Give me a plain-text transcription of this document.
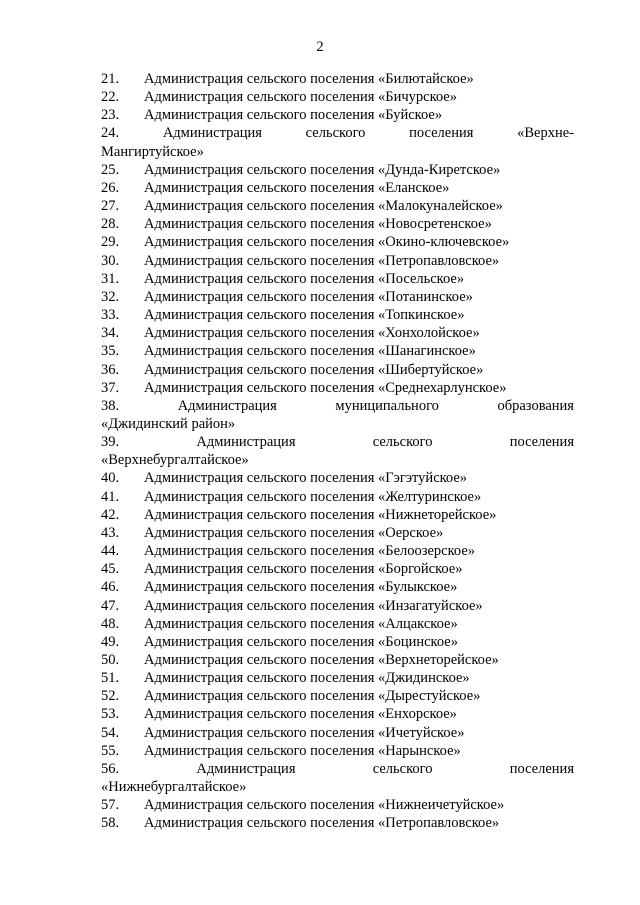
2
21. Администрация сельского поселения «Билютайское»
22. Администрация сельского поселения «Бичурское»
23. Администрация сельского поселения «Буйское»
24.	Администрация	сельского	поселения	«Верхне-
Мангиртуйское»
25. Администрация сельского поселения «Дунда-Киретское»
26. Администрация сельского поселения «Еланское»
27. Администрация сельского поселения «Малокуналейское»
28. Администрация сельского поселения «Новосретенское»
29. Администрация сельского поселения «Окино-ключевское»
30. Администрация сельского поселения «Петропавловское»
31. Администрация сельского поселения «Посельское»
32. Администрация сельского поселения «Потанинское»
33. Администрация сельского поселения «Топкинское»
34. Администрация сельского поселения «Хонхолойское»
35. Администрация сельского поселения «Шанагинское»
36. Администрация сельского поселения «Шибертуйское»
37. Администрация сельского поселения «Среднехарлунское»
38.	Администрация	муниципального	образования
«Джидинский район»
39.	Администрация	сельского	поселения
«Верхнебургалтайское»
40. Администрация сельского поселения «Гэгэтуйское»
41. Администрация сельского поселения «Желтуринское»
42. Администрация сельского поселения «Нижнеторейское»
43. Администрация сельского поселения «Оерское»
44. Администрация сельского поселения «Белоозерское»
45. Администрация сельского поселения «Боргойское»
46. Администрация сельского поселения «Булыкское»
47. Администрация сельского поселения «Инзагатуйское»
48. Администрация сельского поселения «Алцакское»
49. Администрация сельского поселения «Боцинское»
50. Администрация сельского поселения «Верхнеторейское»
51. Администрация сельского поселения «Джидинское»
52. Администрация сельского поселения «Дырестуйское»
53. Администрация сельского поселения «Енхорское»
54. Администрация сельского поселения «Ичетуйское»
55. Администрация сельского поселения «Нарынское»
56.	Администрация	сельского	поселения
«Нижнебургалтайское»
57. Администрация сельского поселения «Нижнеичетуйское»
58. Администрация сельского поселения «Петропавловское»
